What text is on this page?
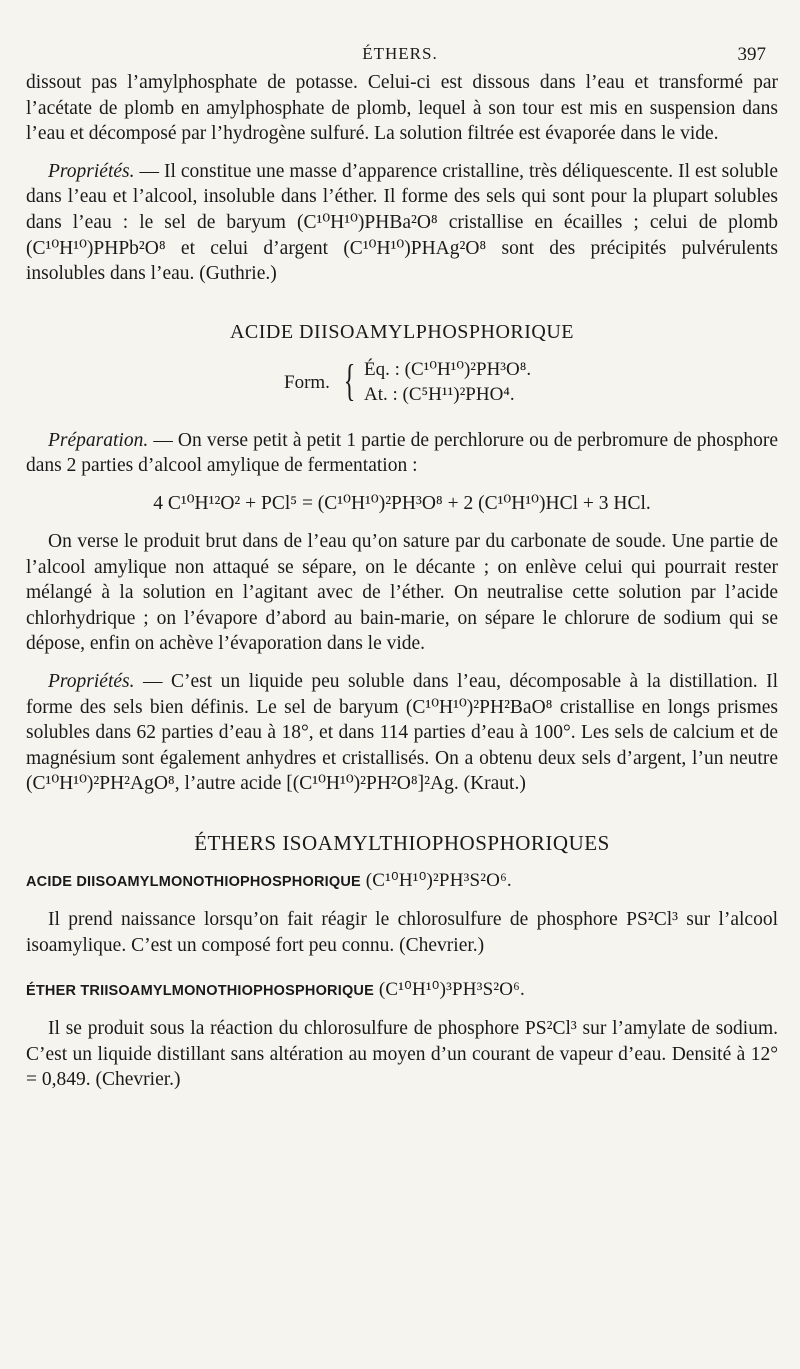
ÉTHERS.	397

dissout pas l’amylphosphate de potasse. Celui-ci est dissous dans l’eau et transformé par l’acétate de plomb en amylphosphate de plomb, lequel à son tour est mis en suspension dans l’eau et décomposé par l’hydrogène sulfuré. La solution filtrée est évaporée dans le vide.

Propriétés. — Il constitue une masse d’apparence cristalline, très déliquescente. Il est soluble dans l’eau et l’alcool, insoluble dans l’éther. Il forme des sels qui sont pour la plupart solubles dans l’eau : le sel de baryum (C¹⁰H¹⁰)PHBa²O⁸ cristallise en écailles ; celui de plomb (C¹⁰H¹⁰)PHPb²O⁸ et celui d’argent (C¹⁰H¹⁰)PHAg²O⁸ sont des précipités pulvérulents insolubles dans l’eau. (Guthrie.)

ACIDE DIISOAMYLPHOSPHORIQUE
Form. { Éq. : (C¹⁰H¹⁰)²PH³O⁸.
At. : (C⁵H¹¹)²PHO⁴.

Préparation. — On verse petit à petit 1 partie de perchlorure ou de perbromure de phosphore dans 2 parties d’alcool amylique de fermentation :

4 C¹⁰H¹²O² + PCl⁵ = (C¹⁰H¹⁰)²PH³O⁸ + 2 (C¹⁰H¹⁰)HCl + 3 HCl.

On verse le produit brut dans de l’eau qu’on sature par du carbonate de soude. Une partie de l’alcool amylique non attaqué se sépare, on le décante ; on enlève celui qui pourrait rester mélangé à la solution en l’agitant avec de l’éther. On neutralise cette solution par l’acide chlorhydrique ; on l’évapore d’abord au bain-marie, on sépare le chlorure de sodium qui se dépose, enfin on achève l’évaporation dans le vide.

Propriétés. — C’est un liquide peu soluble dans l’eau, décomposable à la distillation. Il forme des sels bien définis. Le sel de baryum (C¹⁰H¹⁰)²PH²BaO⁸ cristallise en longs prismes solubles dans 62 parties d’eau à 18°, et dans 114 parties d’eau à 100°. Les sels de calcium et de magnésium sont également anhydres et cristallisés. On a obtenu deux sels d’argent, l’un neutre (C¹⁰H¹⁰)²PH²AgO⁸, l’autre acide [(C¹⁰H¹⁰)²PH²O⁸]²Ag. (Kraut.)

ÉTHERS ISOAMYLTHIOPHOSPHORIQUES

ACIDE DIISOAMYLMONOTHIOPHOSPHORIQUE (C¹⁰H¹⁰)²PH³S²O⁶.

Il prend naissance lorsqu’on fait réagir le chlorosulfure de phosphore PS²Cl³ sur l’alcool isoamylique. C’est un composé fort peu connu. (Chevrier.)

ÉTHER TRIISOAMYLMONOTHIOPHOSPHORIQUE (C¹⁰H¹⁰)³PH³S²O⁶.

Il se produit sous la réaction du chlorosulfure de phosphore PS²Cl³ sur l’amylate de sodium. C’est un liquide distillant sans altération au moyen d’un courant de vapeur d’eau. Densité à 12° = 0,849. (Chevrier.)
